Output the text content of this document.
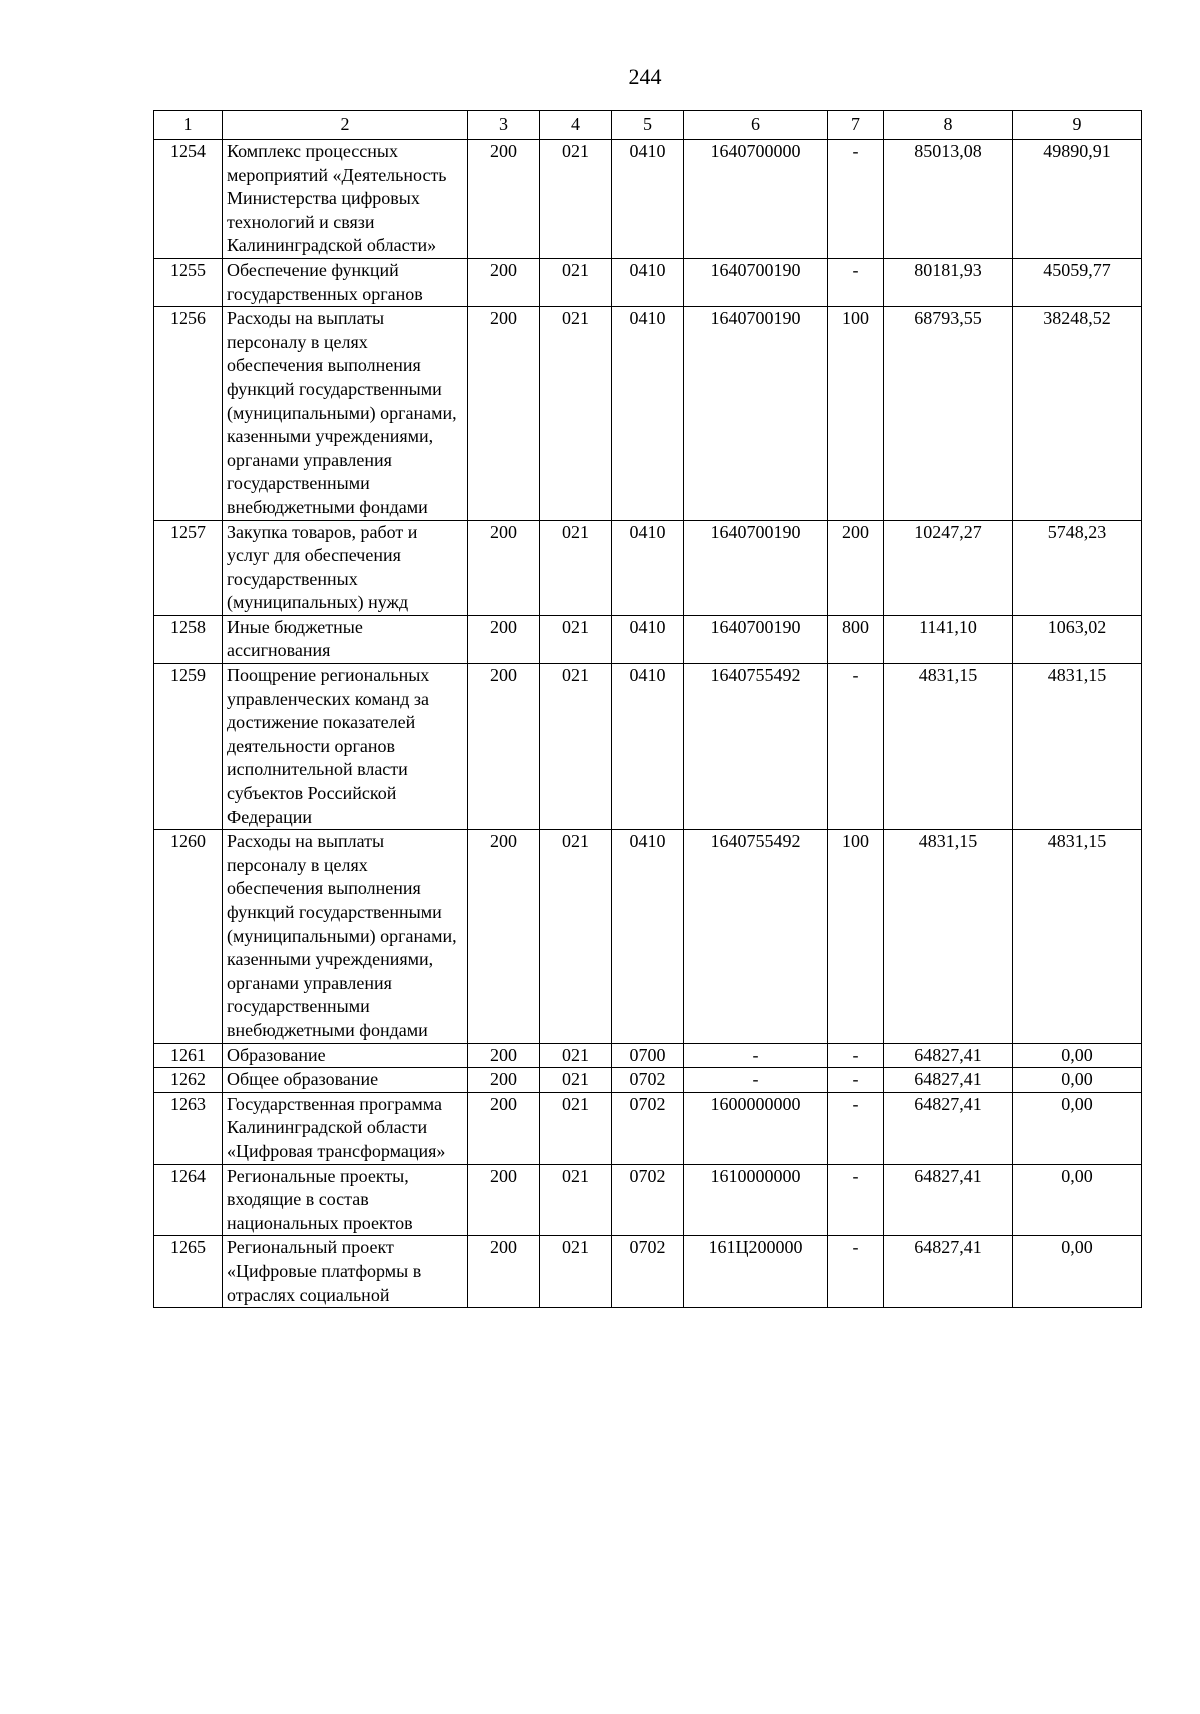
244
1	2	3	4	5	6	7	8	9
1254	Комплекс процессных мероприятий «Деятельность Министерства цифровых технологий и связи Калининградской области»	200	021	0410	1640700000	-	85013,08	49890,91
1255	Обеспечение функций государственных органов	200	021	0410	1640700190	-	80181,93	45059,77
1256	Расходы на выплаты персоналу в целях обеспечения выполнения функций государственными (муниципальными) органами, казенными учреждениями, органами управления государственными внебюджетными фондами	200	021	0410	1640700190	100	68793,55	38248,52
1257	Закупка товаров, работ и услуг для обеспечения государственных (муниципальных) нужд	200	021	0410	1640700190	200	10247,27	5748,23
1258	Иные бюджетные ассигнования	200	021	0410	1640700190	800	1141,10	1063,02
1259	Поощрение региональных управленческих команд за достижение показателей деятельности органов исполнительной власти субъектов Российской Федерации	200	021	0410	1640755492	-	4831,15	4831,15
1260	Расходы на выплаты персоналу в целях обеспечения выполнения функций государственными (муниципальными) органами, казенными учреждениями, органами управления государственными внебюджетными фондами	200	021	0410	1640755492	100	4831,15	4831,15
1261	Образование	200	021	0700	-	-	64827,41	0,00
1262	Общее образование	200	021	0702	-	-	64827,41	0,00
1263	Государственная программа Калининградской области «Цифровая трансформация»	200	021	0702	1600000000	-	64827,41	0,00
1264	Региональные проекты, входящие в состав национальных проектов	200	021	0702	1610000000	-	64827,41	0,00
1265	Региональный проект «Цифровые платформы в отраслях социальной	200	021	0702	161Ц200000	-	64827,41	0,00
